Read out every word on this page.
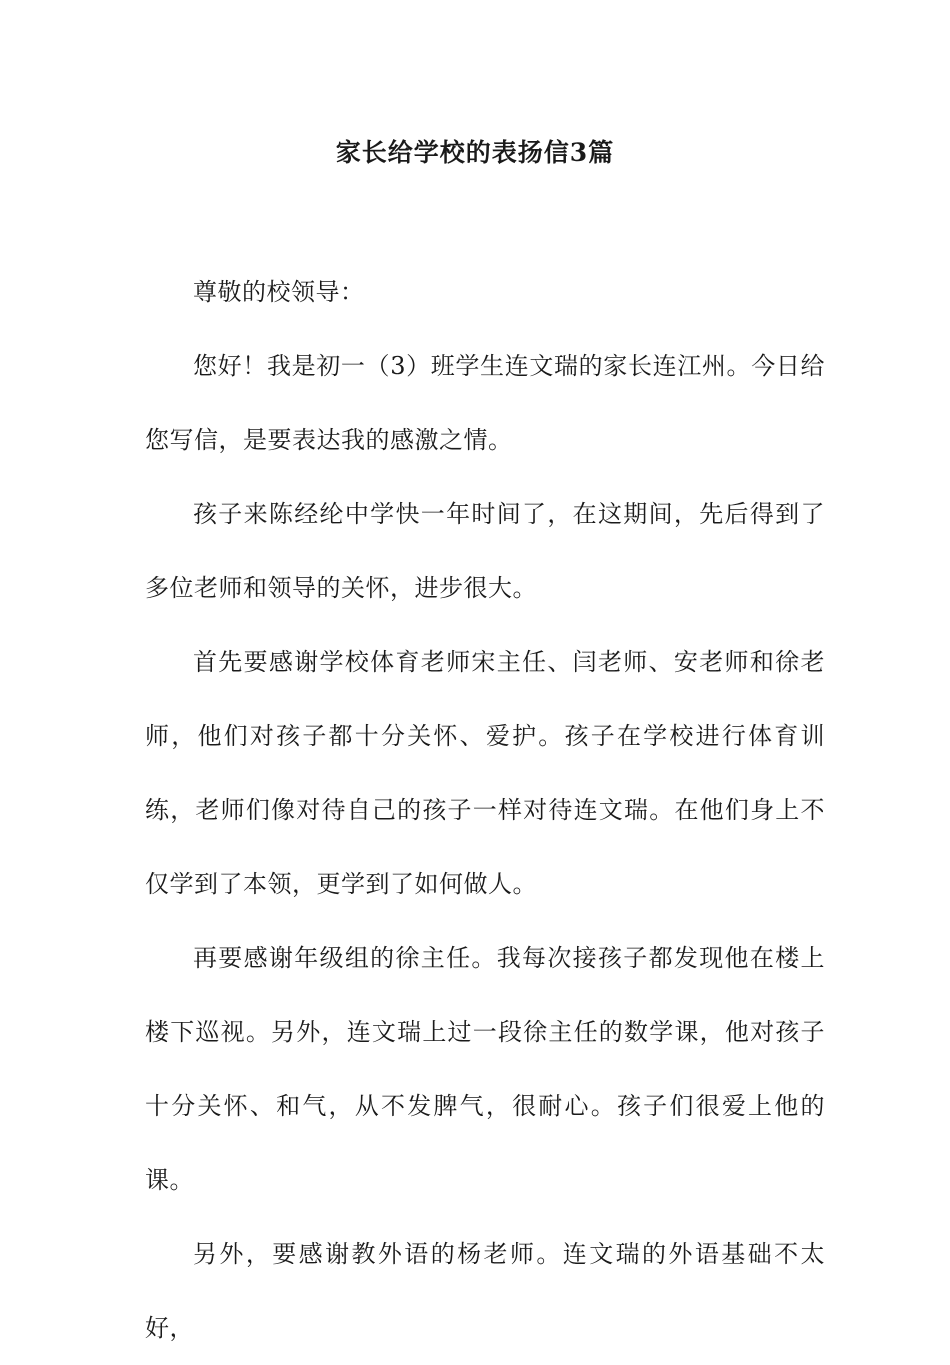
家长给学校的表扬信3篇

尊敬的校领导：

您好！我是初一（3）班学生连文瑞的家长连江州。今日给您写信，是要表达我的感激之情。

孩子来陈经纶中学快一年时间了，在这期间，先后得到了多位老师和领导的关怀，进步很大。

首先要感谢学校体育老师宋主任、闫老师、安老师和徐老师，他们对孩子都十分关怀、爱护。孩子在学校进行体育训练，老师们像对待自己的孩子一样对待连文瑞。在他们身上不仅学到了本领，更学到了如何做人。

再要感谢年级组的徐主任。我每次接孩子都发现他在楼上楼下巡视。另外，连文瑞上过一段徐主任的数学课，他对孩子十分关怀、和气，从不发脾气，很耐心。孩子们很爱上他的课。

另外，要感谢教外语的杨老师。连文瑞的外语基础不太好，
